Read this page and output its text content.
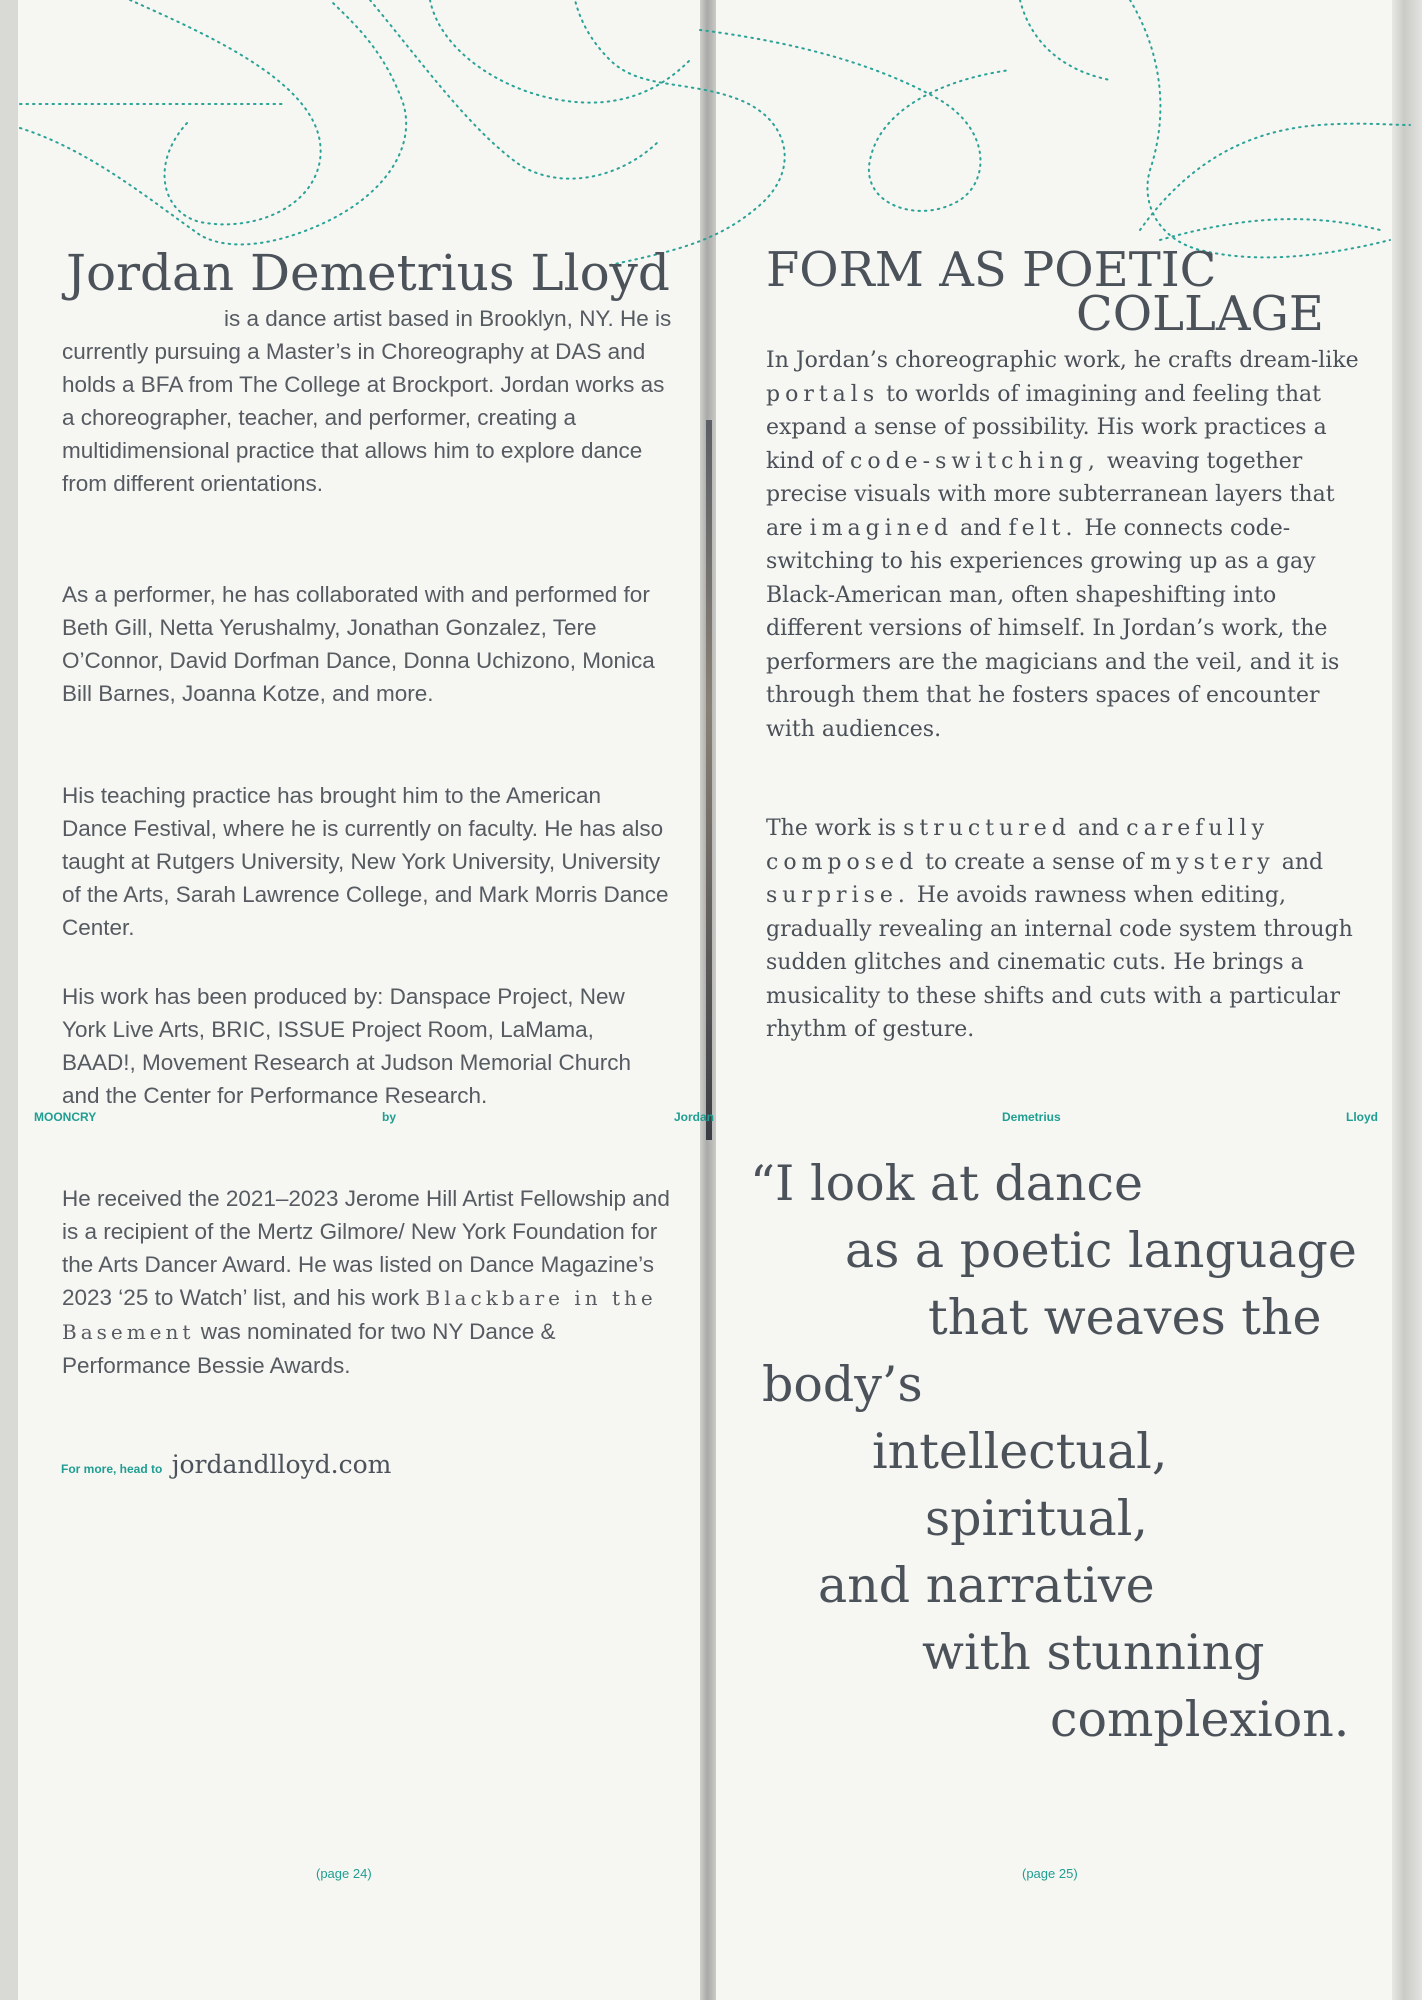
Jordan Demetrius Lloyd

is a dance artist based in Brooklyn, NY. He is currently pursuing a Master’s in Choreography at DAS and holds a BFA from The College at Brockport. Jordan works as a choreographer, teacher, and performer, creating a multidimensional practice that allows him to explore dance from different orientations.

As a performer, he has collaborated with and performed for Beth Gill, Netta Yerushalmy, Jonathan Gonzalez, Tere O’Connor, David Dorfman Dance, Donna Uchizono, Monica Bill Barnes, Joanna Kotze, and more.

His teaching practice has brought him to the American Dance Festival, where he is currently on faculty. He has also taught at Rutgers University, New York University, University of the Arts, Sarah Lawrence College, and Mark Morris Dance Center.

His work has been produced by: Danspace Project, New York Live Arts, BRIC, ISSUE Project Room, LaMama, BAAD!, Movement Research at Judson Memorial Church and the Center for Performance Research.

He received the 2021–2023 Jerome Hill Artist Fellowship and is a recipient of the Mertz Gilmore/ New York Foundation for the Arts Dancer Award. He was listed on Dance Magazine’s 2023 ‘25 to Watch’ list, and his work Blackbare in the Basement was nominated for two NY Dance & Performance Bessie Awards.

For more, head to jordandlloyd.com
(page 24)
MOONCRY	by	Jordan	Demetrius	Lloyd
FORM AS POETIC
COLLAGE

In Jordan’s choreographic work, he crafts dream-like portals to worlds of imagining and feeling that expand a sense of possibility. His work practices a kind of code-switching, weaving together precise visuals with more subterranean layers that are imagined and felt. He connects code-switching to his experiences growing up as a gay Black-American man, often shapeshifting into different versions of himself. In Jordan’s work, the performers are the magicians and the veil, and it is through them that he fosters spaces of encounter with audiences.

The work is structured and carefully composed to create a sense of mystery and surprise. He avoids rawness when editing, gradually revealing an internal code system through sudden glitches and cinematic cuts. He brings a musicality to these shifts and cuts with a particular rhythm of gesture.

“I look at dance
as a poetic language
that weaves the
body’s
intellectual,
spiritual,
and narrative
with stunning
complexion.
(page 25)
